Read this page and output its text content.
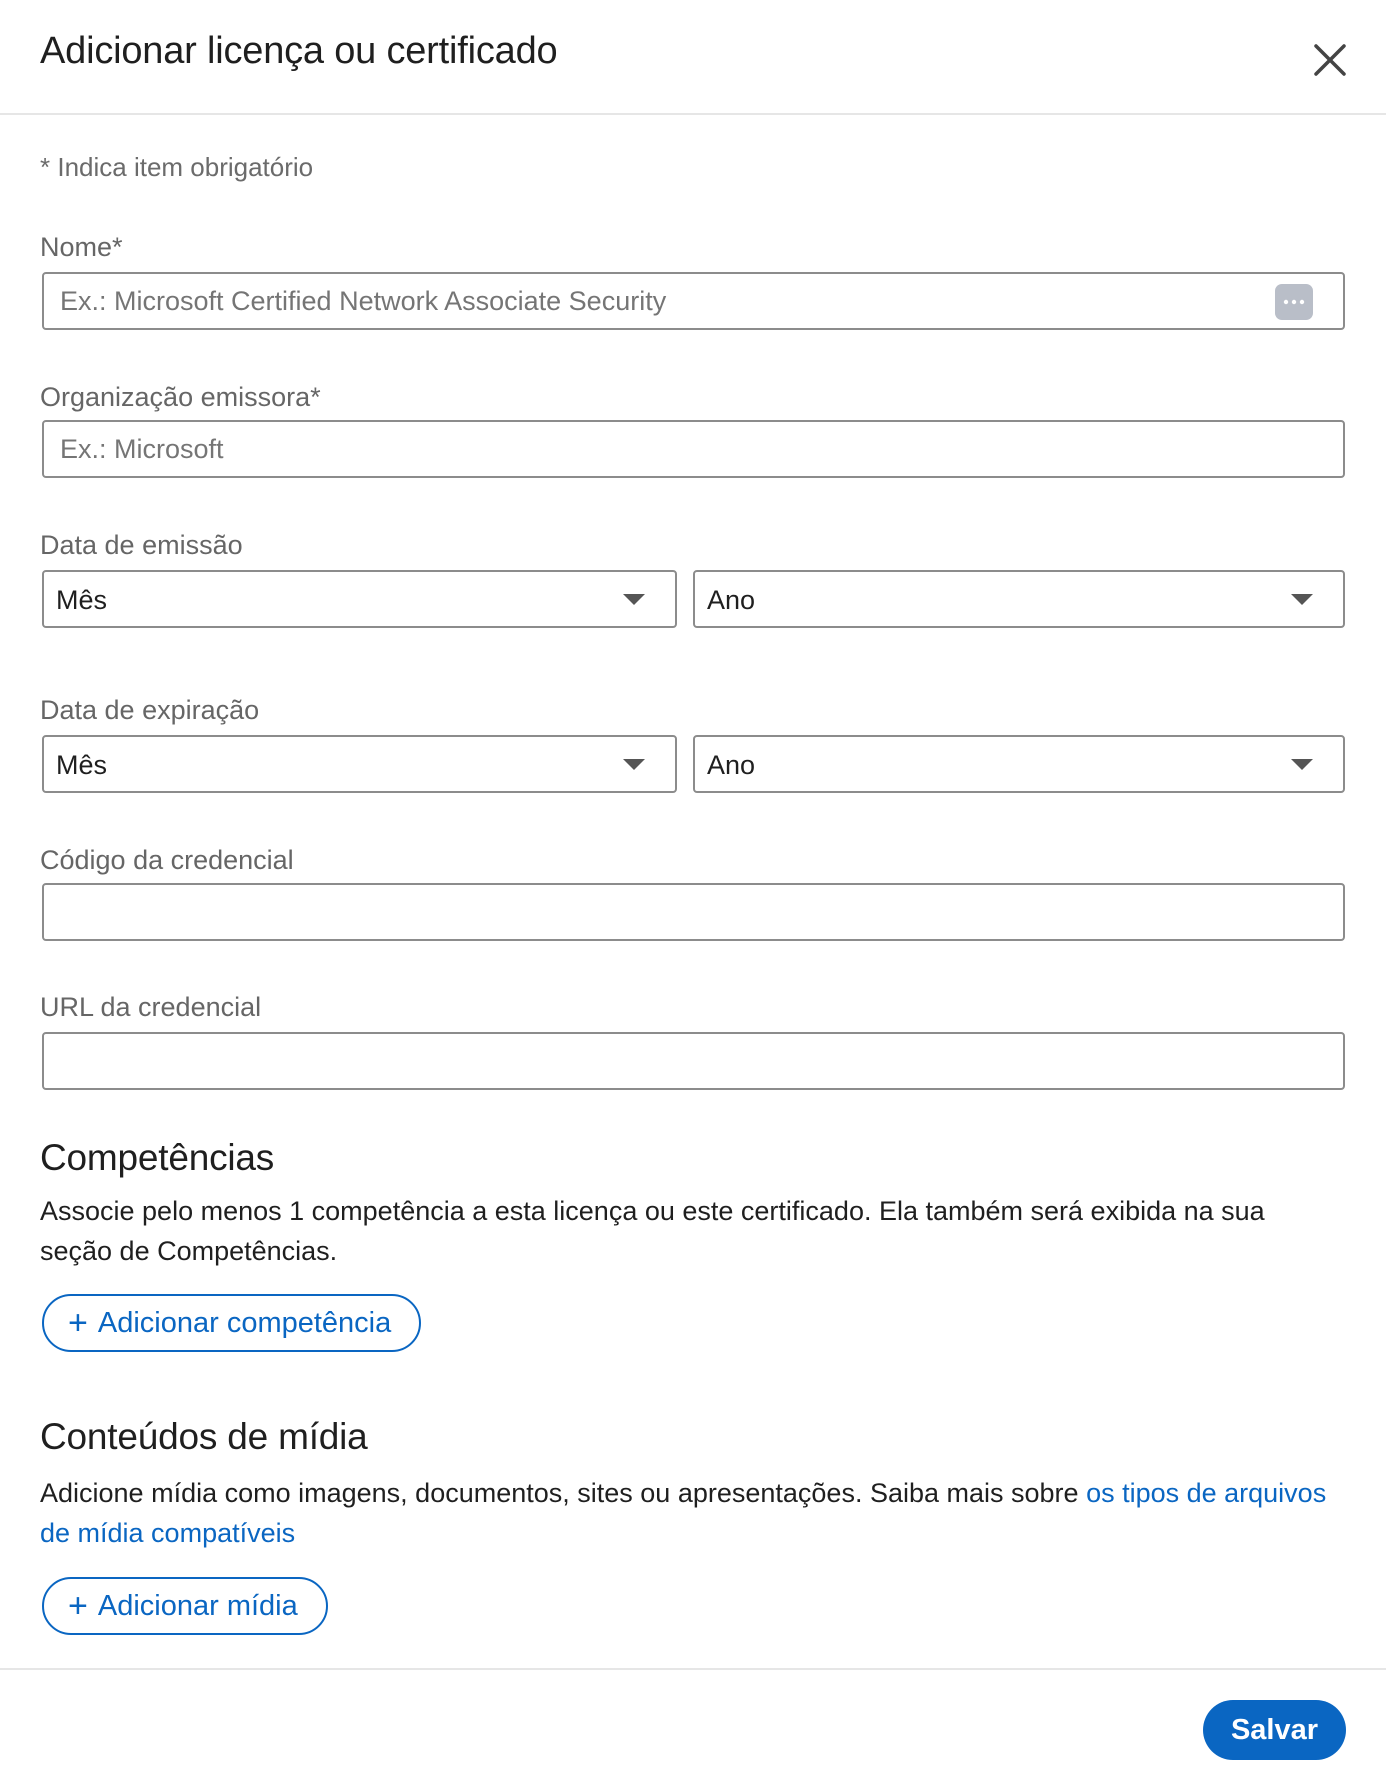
Adicionar licença ou certificado
* Indica item obrigatório
Nome*
Ex.: Microsoft Certified Network Associate Security
Organização emissora*
Ex.: Microsoft
Data de emissão
Mês	Ano
Data de expiração
Mês	Ano
Código da credencial
URL da credencial
Competências
Associe pelo menos 1 competência a esta licença ou este certificado. Ela também será exibida na sua seção de Competências.
+ Adicionar competência
Conteúdos de mídia
Adicione mídia como imagens, documentos, sites ou apresentações. Saiba mais sobre os tipos de arquivos de mídia compatíveis
+ Adicionar mídia
Salvar
